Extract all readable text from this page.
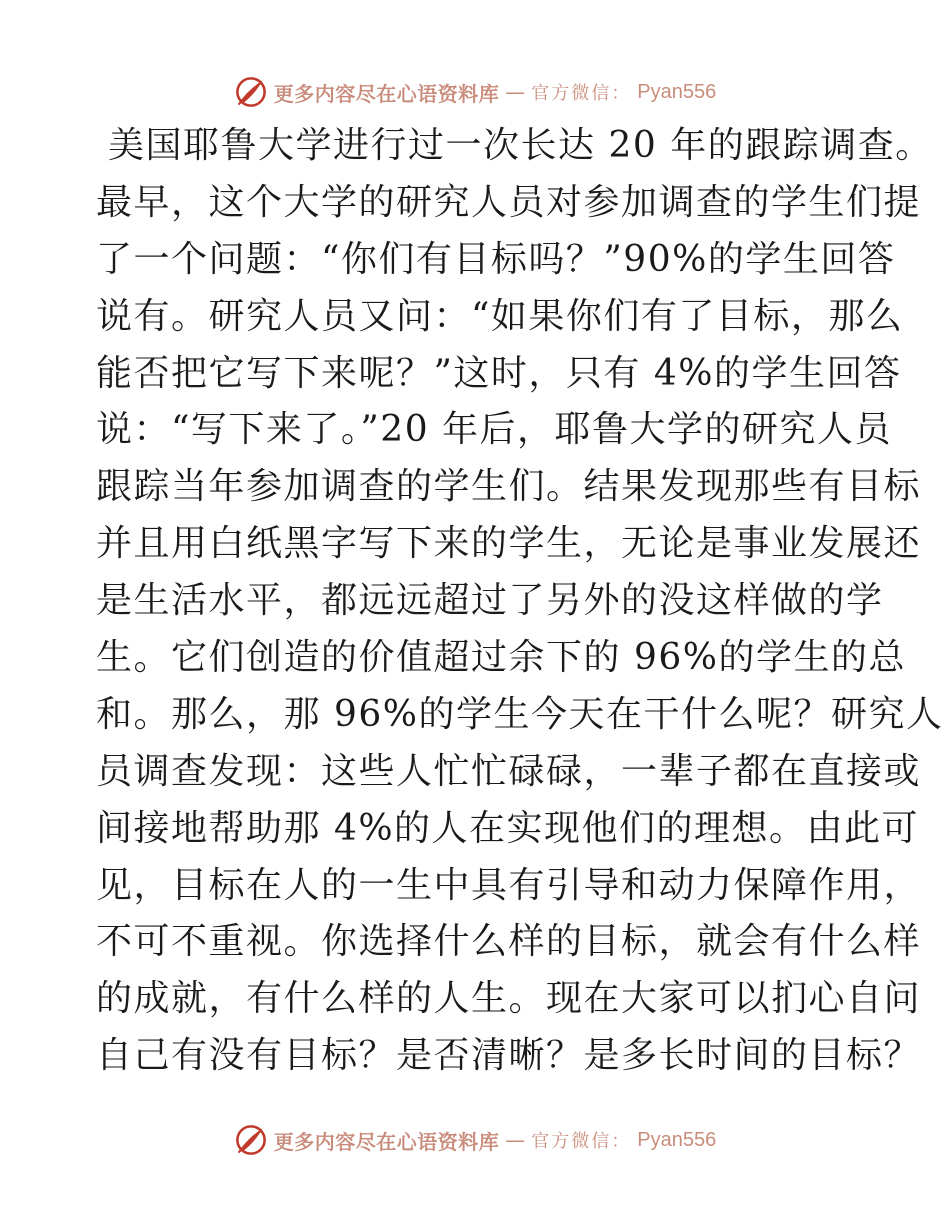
更多内容尽在心语资料库 — 官方微信： Pyan556
美国耶鲁大学进行过一次长达 20 年的跟踪调查。
最早，这个大学的研究人员对参加调查的学生们提
了一个问题：“你们有目标吗？”90%的学生回答
说有。研究人员又问：“如果你们有了目标，那么
能否把它写下来呢？”这时，只有 4%的学生回答
说：“写下来了。”20 年后，耶鲁大学的研究人员
跟踪当年参加调查的学生们。结果发现那些有目标
并且用白纸黑字写下来的学生，无论是事业发展还
是生活水平，都远远超过了另外的没这样做的学
生。它们创造的价值超过余下的 96%的学生的总
和。那么，那 96%的学生今天在干什么呢？研究人
员调查发现：这些人忙忙碌碌，一辈子都在直接或
间接地帮助那 4%的人在实现他们的理想。由此可
见，目标在人的一生中具有引导和动力保障作用，
不可不重视。你选择什么样的目标，就会有什么样
的成就，有什么样的人生。现在大家可以扪心自问
自己有没有目标？是否清晰？是多长时间的目标？
更多内容尽在心语资料库 — 官方微信： Pyan556
